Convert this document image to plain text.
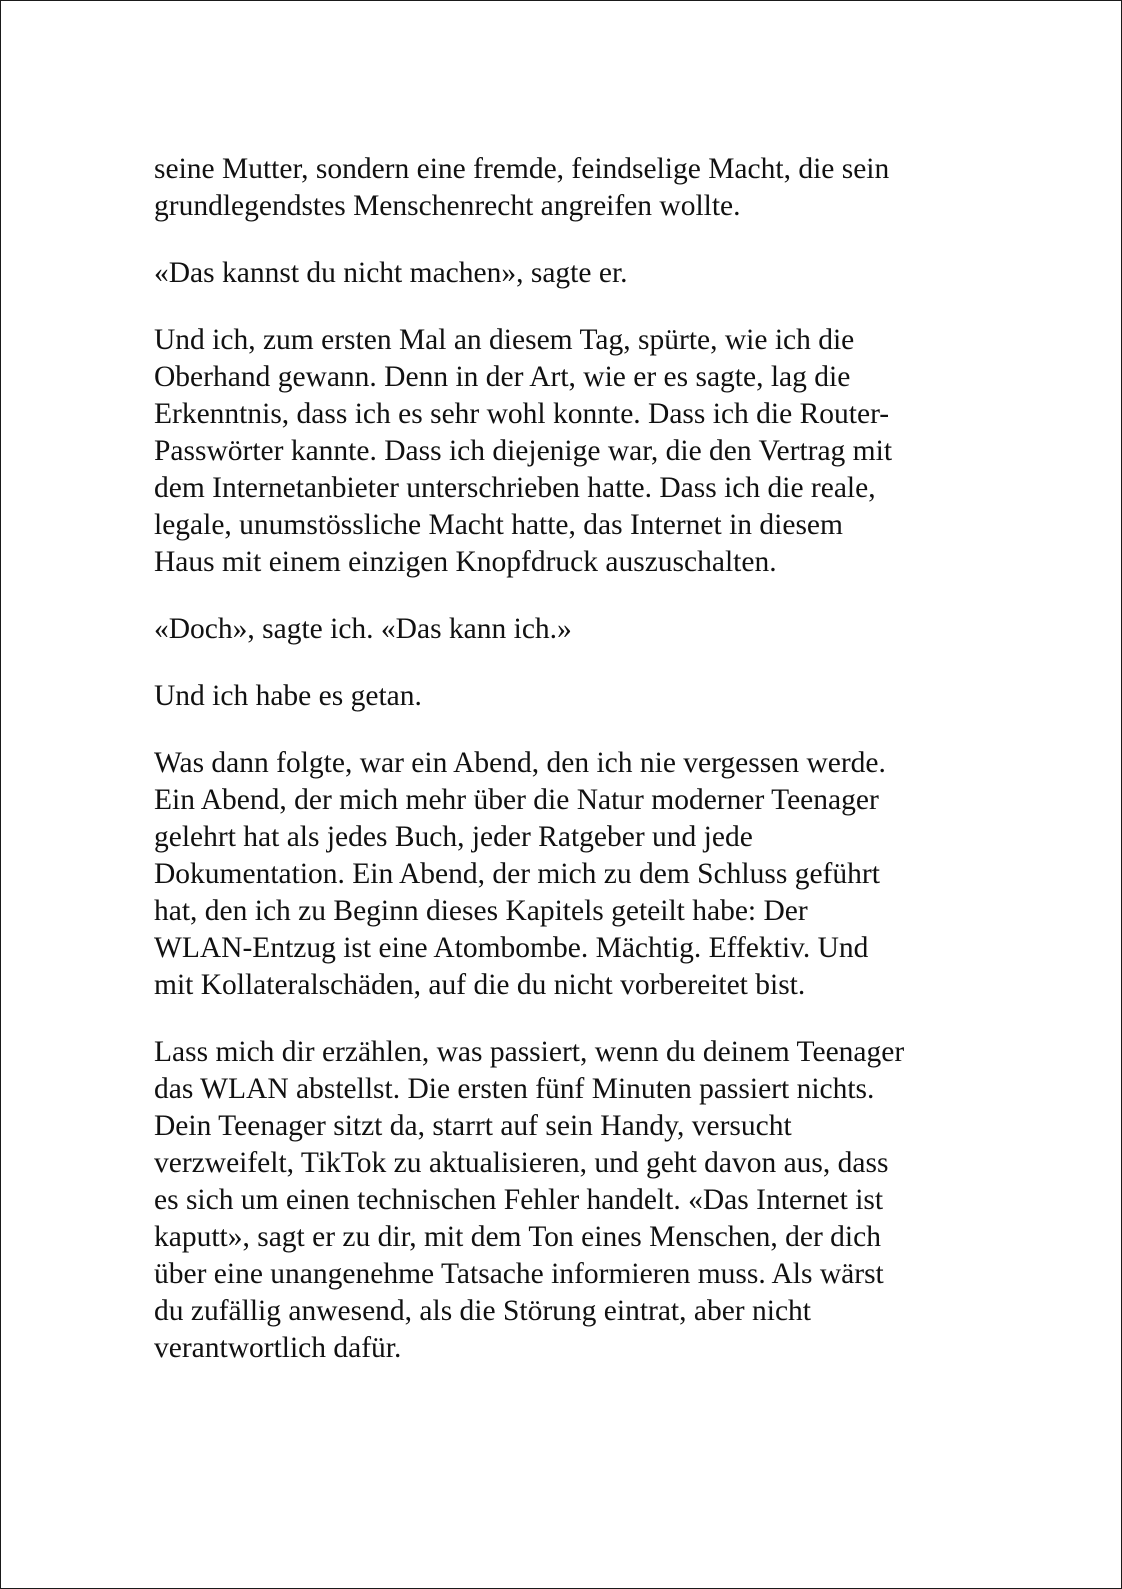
seine Mutter, sondern eine fremde, feindselige Macht, die sein
grundlegendstes Menschenrecht angreifen wollte.

«Das kannst du nicht machen», sagte er.

Und ich, zum ersten Mal an diesem Tag, spürte, wie ich die
Oberhand gewann. Denn in der Art, wie er es sagte, lag die
Erkenntnis, dass ich es sehr wohl konnte. Dass ich die Router-
Passwörter kannte. Dass ich diejenige war, die den Vertrag mit
dem Internetanbieter unterschrieben hatte. Dass ich die reale,
legale, unumstössliche Macht hatte, das Internet in diesem
Haus mit einem einzigen Knopfdruck auszuschalten.

«Doch», sagte ich. «Das kann ich.»

Und ich habe es getan.

Was dann folgte, war ein Abend, den ich nie vergessen werde.
Ein Abend, der mich mehr über die Natur moderner Teenager
gelehrt hat als jedes Buch, jeder Ratgeber und jede
Dokumentation. Ein Abend, der mich zu dem Schluss geführt
hat, den ich zu Beginn dieses Kapitels geteilt habe: Der
WLAN-Entzug ist eine Atombombe. Mächtig. Effektiv. Und
mit Kollateralschäden, auf die du nicht vorbereitet bist.

Lass mich dir erzählen, was passiert, wenn du deinem Teenager
das WLAN abstellst. Die ersten fünf Minuten passiert nichts.
Dein Teenager sitzt da, starrt auf sein Handy, versucht
verzweifelt, TikTok zu aktualisieren, und geht davon aus, dass
es sich um einen technischen Fehler handelt. «Das Internet ist
kaputt», sagt er zu dir, mit dem Ton eines Menschen, der dich
über eine unangenehme Tatsache informieren muss. Als wärst
du zufällig anwesend, als die Störung eintrat, aber nicht
verantwortlich dafür.
